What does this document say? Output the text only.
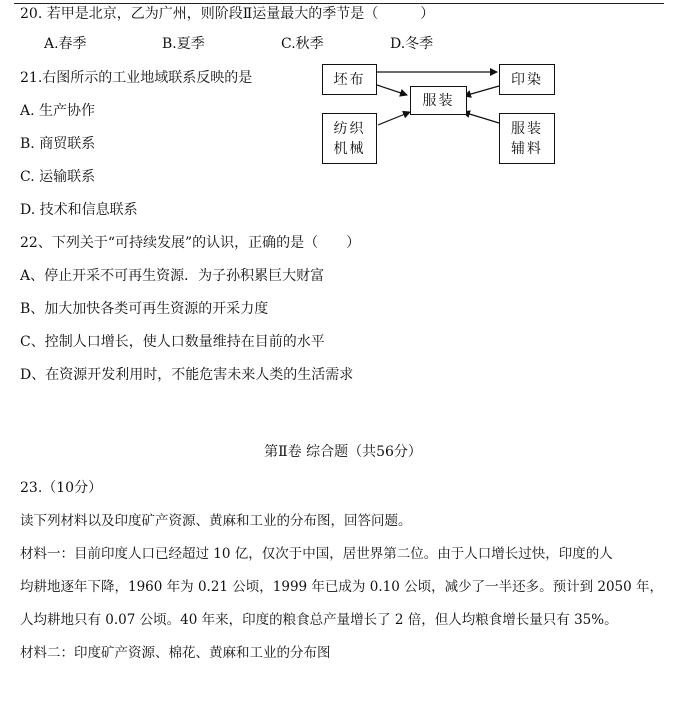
20. 若甲是北京，乙为广州，则阶段Ⅱ运量最大的季节是（　　　）
A.春季	B.夏季	C.秋季	D.冬季
21.右图所示的工业地域联系反映的是
A. 生产协作
B. 商贸联系
C. 运输联系
D. 技术和信息联系
坯布	印染
服装
纺织
机械
服装
辅料
22、下列关于“可持续发展”的认识，正确的是（　　）
A、停止开采不可再生资源．为子孙积累巨大财富
B、加大加快各类可再生资源的开采力度
C、控制人口增长，使人口数量维持在目前的水平
D、在资源开发利用时，不能危害未来人类的生活需求
第Ⅱ卷 综合题（共56分）
23.（10分）
读下列材料以及印度矿产资源、黄麻和工业的分布图，回答问题。
材料一：目前印度人口已经超过 10 亿，仅次于中国，居世界第二位。由于人口增长过快，印度的人
均耕地逐年下降，1960 年为 0.21 公顷，1999 年已成为 0.10 公顷，减少了一半还多。预计到 2050 年，
人均耕地只有 0.07 公顷。40 年来，印度的粮食总产量增长了 2 倍，但人均粮食增长量只有 35%。
材料二：印度矿产资源、棉花、黄麻和工业的分布图
